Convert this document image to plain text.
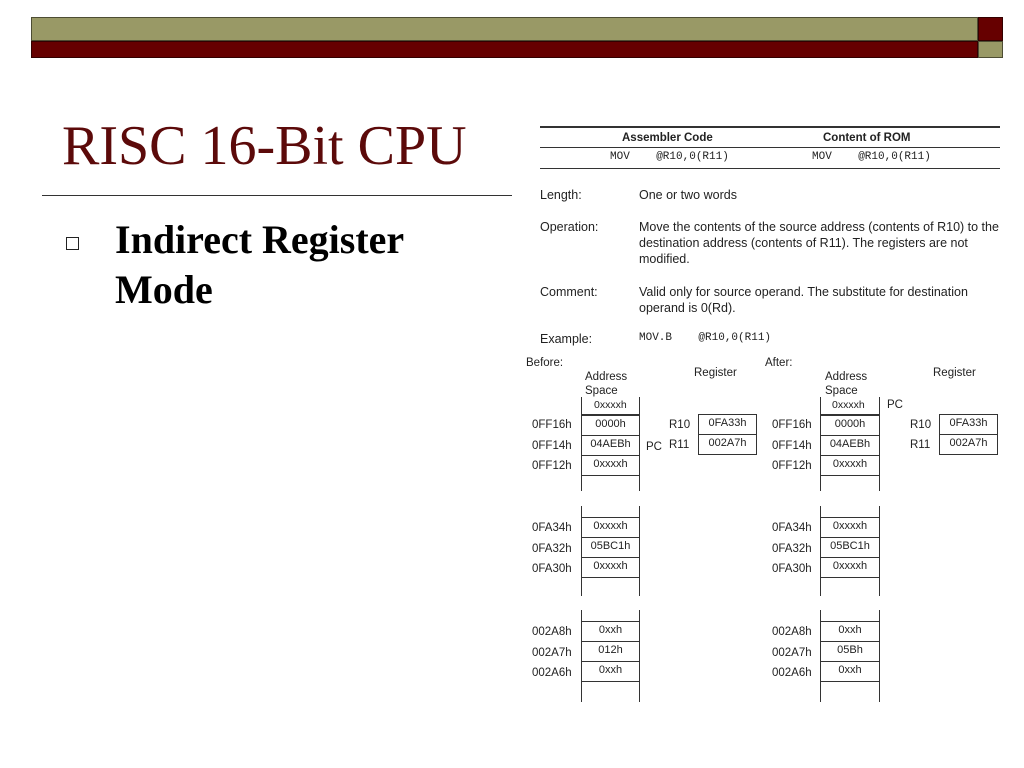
RISC 16-Bit CPU
Indirect Register Mode
Assembler Code	Content of ROM
MOV    @R10,0(R11)	MOV    @R10,0(R11)
Length:	One or two words
Operation:	Move the contents of the source address (contents of R10) to the destination address (contents of R11). The registers are not modified.
Comment:	Valid only for source operand. The substitute for destination operand is 0(Rd).
Example:	MOV.B    @R10,0(R11)
Before:
Address Space
Register
0xxxxh
0FF16h	0000h
0FF14h	04AEBh
0FF12h	0xxxxh
0FA34h	0xxxxh
0FA32h	05BC1h
0FA30h	0xxxxh
002A8h	0xxh
002A7h	012h
002A6h	0xxh
R10	0FA33h
PC R11	002A7h
After:
Address Space
Register
0xxxxh PC
0FF16h	0000h
0FF14h	04AEBh
0FF12h	0xxxxh
0FA34h	0xxxxh
0FA32h	05BC1h
0FA30h	0xxxxh
002A8h	0xxh
002A7h	05Bh
002A6h	0xxh
R10	0FA33h
R11	002A7h
